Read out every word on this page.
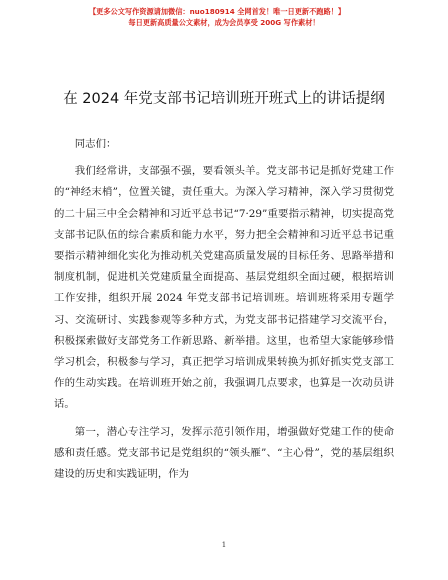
【更多公文写作资源请加微信：nuo180914 全网首发！唯一日更新不跑路！】
每日更新高质量公文素材，成为会员享受 200G 写作素材！
在 2024 年党支部书记培训班开班式上的讲话提纲

同志们：

我们经常讲，支部强不强，要看领头羊。党支部书记是抓好党建工作的“神经末梢”，位置关键，责任重大。为深入学习精神，深入学习贯彻党的二十届三中全会精神和习近平总书记“7·29”重要指示精神，切实提高党支部书记队伍的综合素质和能力水平，努力把全会精神和习近平总书记重要指示精神细化实化为推动机关党建高质量发展的目标任务、思路举措和制度机制，促进机关党建质量全面提高、基层党组织全面过硬，根据培训工作安排，组织开展 2024 年党支部书记培训班。培训班将采用专题学习、交流研讨、实践参观等多种方式，为党支部书记搭建学习交流平台，积极探索做好支部党务工作新思路、新举措。这里，也希望大家能够珍惜学习机会，积极参与学习，真正把学习培训成果转换为抓好抓实党支部工作的生动实践。在培训班开始之前，我强调几点要求，也算是一次动员讲话。

第一，潜心专注学习，发挥示范引领作用，增强做好党建工作的使命感和责任感。党支部书记是党组织的“领头雁”、“主心骨”，党的基层组织建设的历史和实践证明，作为

1
